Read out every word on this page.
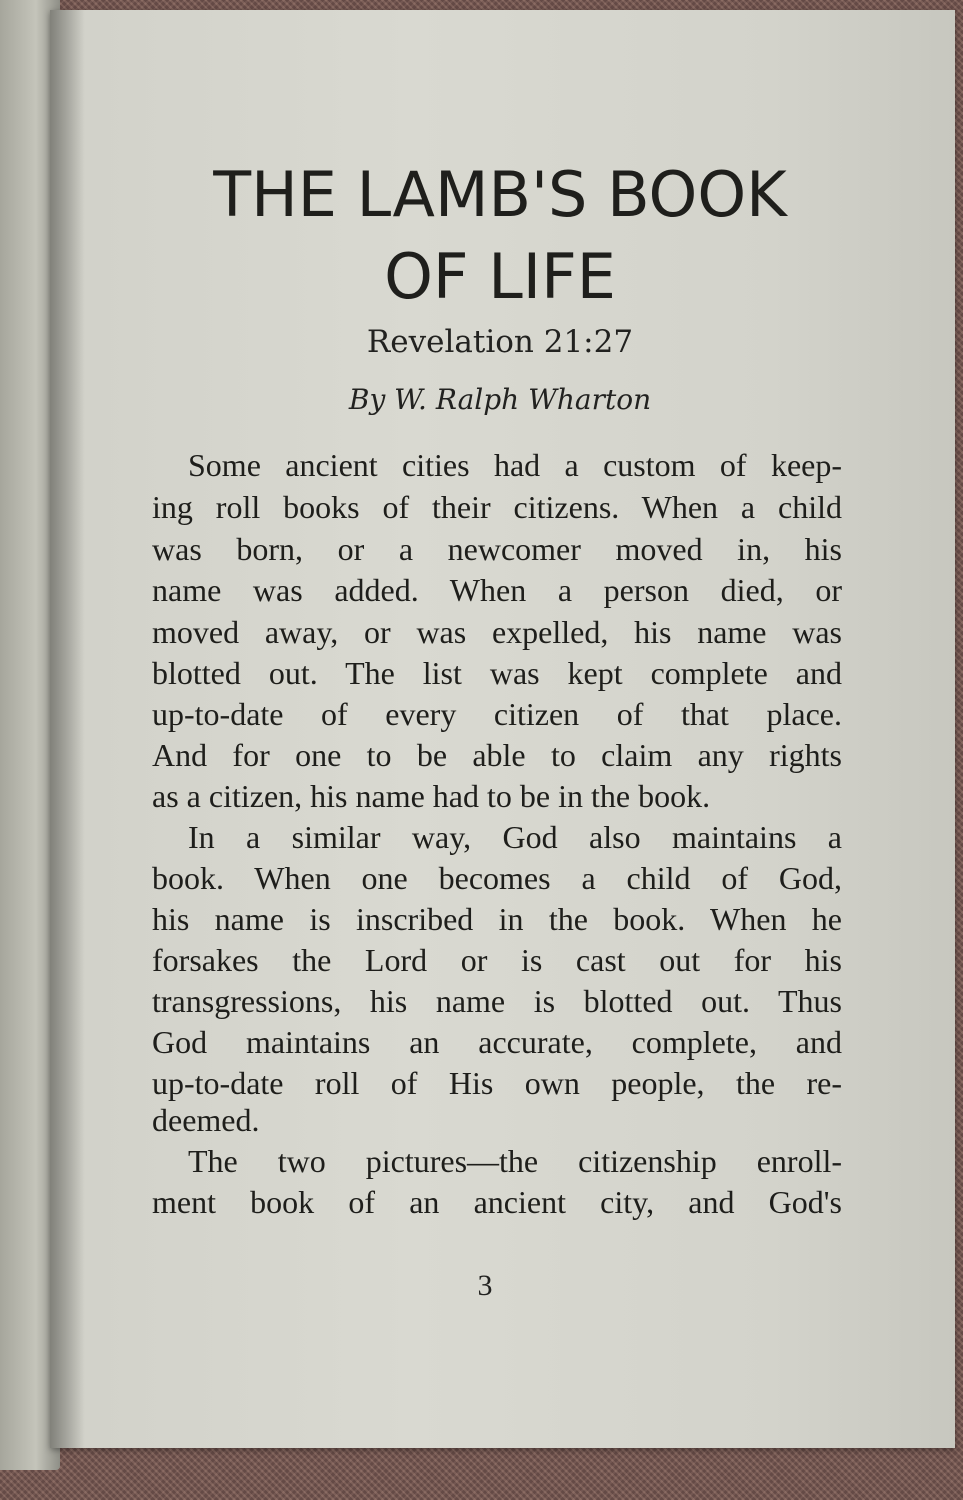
THE LAMB'S BOOK
OF LIFE
Revelation 21:27
By W. Ralph Wharton

Some ancient cities had a custom of keep-

ing roll books of their citizens. When a child

was born, or a newcomer moved in, his

name was added. When a person died, or

moved away, or was expelled, his name was

blotted out. The list was kept complete and

up-to-date of every citizen of that place.

And for one to be able to claim any rights

as a citizen, his name had to be in the book.

In a similar way, God also maintains a

book. When one becomes a child of God,

his name is inscribed in the book. When he

forsakes the Lord or is cast out for his

transgressions, his name is blotted out. Thus

God maintains an accurate, complete, and

up-to-date roll of His own people, the re-

deemed.

The two pictures—the citizenship enroll-

ment book of an ancient city, and God's

3
